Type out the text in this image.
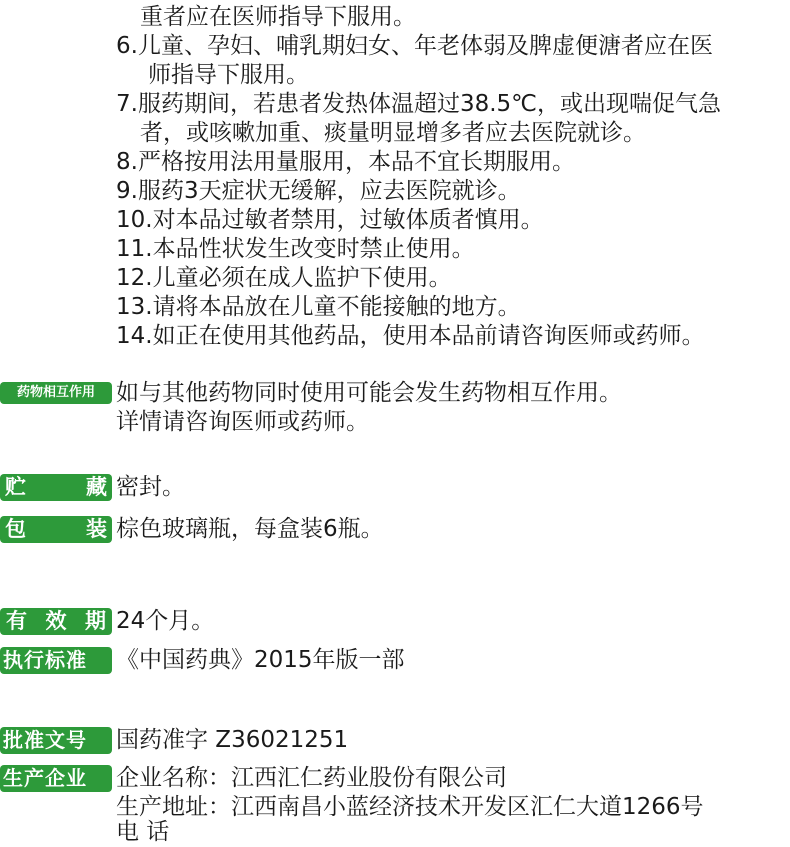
重者应在医师指导下服用。
6.儿童、孕妇、哺乳期妇女、年老体弱及脾虚便溏者应在医
师指导下服用。
7.服药期间，若患者发热体温超过38.5℃，或出现喘促气急
者，或咳嗽加重、痰量明显增多者应去医院就诊。
8.严格按用法用量服用，本品不宜长期服用。
9.服药3天症状无缓解，应去医院就诊。
10.对本品过敏者禁用，过敏体质者慎用。
11.本品性状发生改变时禁止使用。
12.儿童必须在成人监护下使用。
13.请将本品放在儿童不能接触的地方。
14.如正在使用其他药品，使用本品前请咨询医师或药师。
药物相互作用 如与其他药物同时使用可能会发生药物相互作用。
详情请咨询医师或药师。
贮	藏 密封。
包	装 棕色玻璃瓶，每盒装6瓶。
有 效 期 24个月。
执行标准	《中国药典》2015年版一部
批准文号	国药准字 Z36021251
生产企业	企业名称：江西汇仁药业股份有限公司
生产地址：江西南昌小蓝经济技术开发区汇仁大道1266号
电 话
